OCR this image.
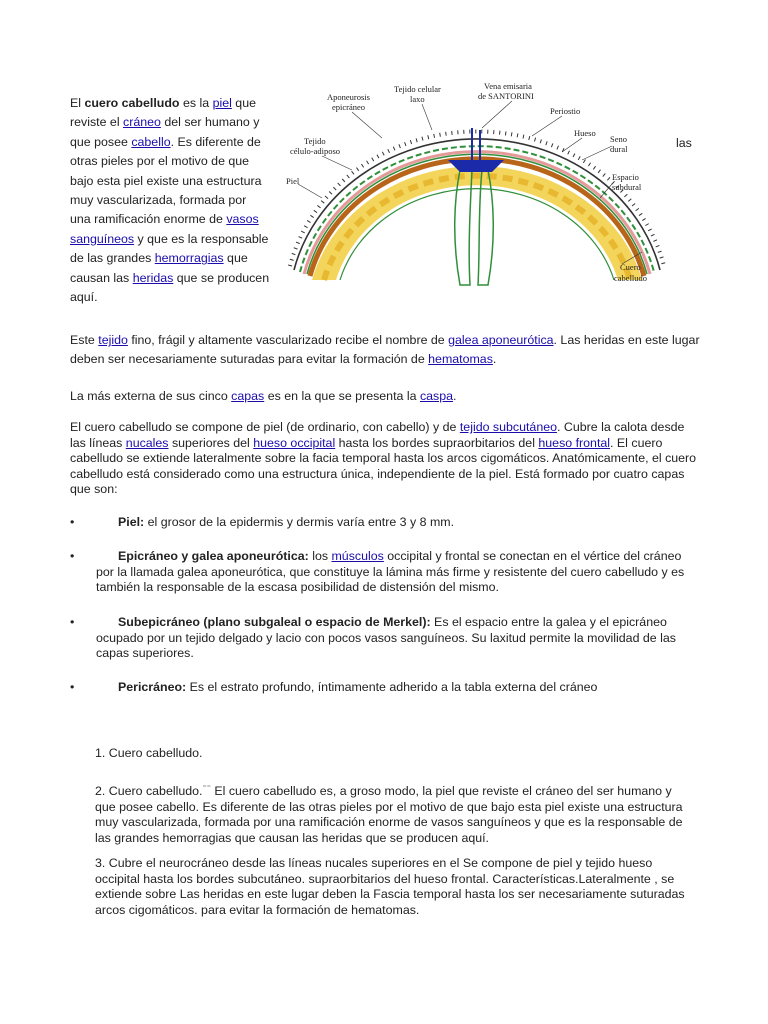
El cuero cabelludo es la piel que reviste el cráneo del ser humano y que posee cabello. Es diferente de otras pieles por el motivo de que bajo esta piel existe una estructura muy vascularizada, formada por una ramificación enorme de vasos sanguíneos y que es la responsable de las grandes hemorragias que causan las heridas que se producen aquí.

las
Aponeurosis
epicráneo
Tejido celular
laxo
Vena emisaria
de SANTORINI
Periostio
Tejido
célulo-adiposo
Hueso
Seno
dural
Piel	Espacio
subdural
Cuero
cabelludo

Este tejido fino, frágil y altamente vascularizado recibe el nombre de galea aponeurótica. Las heridas en este lugar deben ser necesariamente suturadas para evitar la formación de hematomas.

La más externa de sus cinco capas es en la que se presenta la caspa.

El cuero cabelludo se compone de piel (de ordinario, con cabello) y de tejido subcutáneo. Cubre la calota desde las líneas nucales superiores del hueso occipital hasta los bordes supraorbitarios del hueso frontal. El cuero cabelludo se extiende lateralmente sobre la facia temporal hasta los arcos cigomáticos. Anatómicamente, el cuero cabelludo está considerado como una estructura única, independiente de la piel. Está formado por cuatro capas que son:

•	Piel: el grosor de la epidermis y dermis varía entre 3 y 8 mm.

•	Epicráneo y galea aponeurótica: los músculos occipital y frontal se conectan en el vértice del cráneo por la llamada galea aponeurótica, que constituye la lámina más firme y resistente del cuero cabelludo y es también la responsable de la escasa posibilidad de distensión del mismo.

•	Subepicráneo (plano subgaleal o espacio de Merkel): Es el espacio entre la galea y el epicráneo ocupado por un tejido delgado y lacio con pocos vasos sanguíneos. Su laxitud permite la movilidad de las capas superiores.

•	Pericráneo: Es el estrato profundo, íntimamente adherido a la tabla externa del cráneo

1. Cuero cabelludo.

2. Cuero cabelludo.⁼⁼ El cuero cabelludo es, a groso modo, la piel que reviste el cráneo del ser humano y que posee cabello. Es diferente de las otras pieles por el motivo de que bajo esta piel existe una estructura muy vascularizada, formada por una ramificación enorme de vasos sanguíneos y que es la responsable de las grandes hemorragias que causan las heridas que se producen aquí.

3. Cubre el neurocráneo desde las líneas nucales superiores en el Se compone de piel y tejido hueso occipital hasta los bordes subcutáneo. supraorbitarios del hueso frontal. Características.Lateralmente , se extiende sobre Las heridas en este lugar deben la Fascia temporal hasta los ser necesariamente suturadas arcos cigomáticos. para evitar la formación de hematomas.
